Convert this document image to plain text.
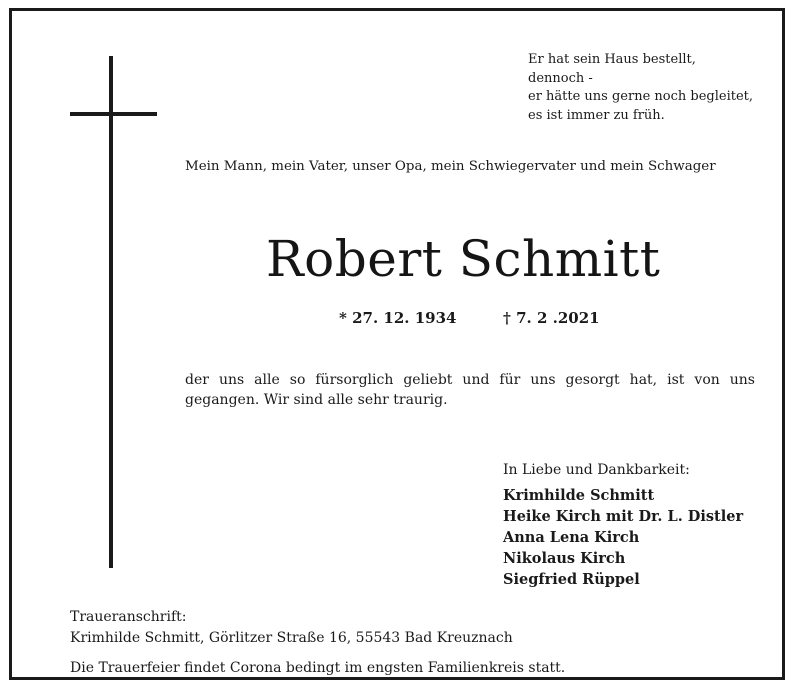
Er hat sein Haus bestellt,
dennoch -
er hätte uns gerne noch begleitet,
es ist immer zu früh.
Mein Mann, mein Vater, unser Opa, mein Schwiegervater und mein Schwager
Robert Schmitt
* 27. 12. 1934	† 7. 2 .2021
der uns alle so fürsorglich geliebt und für uns gesorgt hat, ist von uns gegangen. Wir sind alle sehr traurig.
In Liebe und Dankbarkeit:
Krimhilde Schmitt
Heike Kirch mit Dr. L. Distler
Anna Lena Kirch
Nikolaus Kirch
Siegfried Rüppel
Traueranschrift:
Krimhilde Schmitt, Görlitzer Straße 16, 55543 Bad Kreuznach
Die Trauerfeier findet Corona bedingt im engsten Familienkreis statt.
